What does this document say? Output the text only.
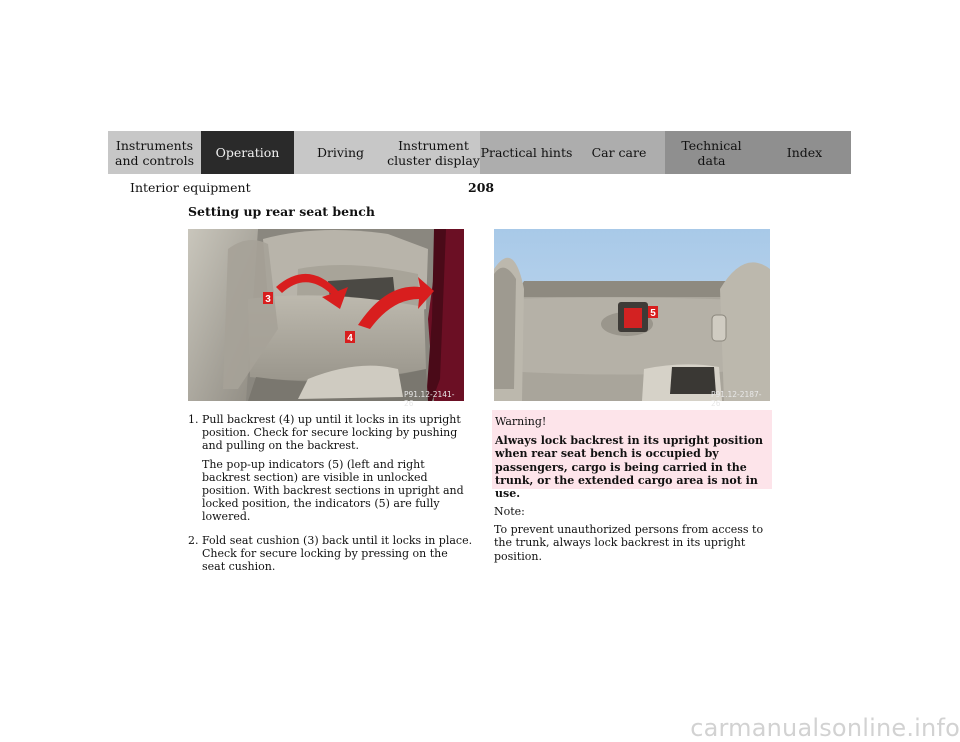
Instruments
and controls Operation	Driving	Instrument
cluster display Practical hints Car care	Technical
data	Index
Interior equipment	208
Setting up rear seat bench
3
4
P91.12-2141-26
5
P91.12-2187-26
1. Pull backrest (4) up until it locks in its upright position. Check for secure locking by pushing and pulling on the backrest.

The pop-up indicators (5) (left and right backrest section) are visible in unlocked position. With backrest sections in upright and locked position, the indicators (5) are fully lowered.

2. Fold seat cushion (3) back until it locks in place. Check for secure locking by pressing on the seat cushion.

Warning!
Always lock backrest in its upright position when rear seat bench is occupied by passengers, cargo is being carried in the trunk, or the extended cargo area is not in use.
Note:
To prevent unauthorized persons from access to the trunk, always lock backrest in its upright position.
carmanualsonline.info
